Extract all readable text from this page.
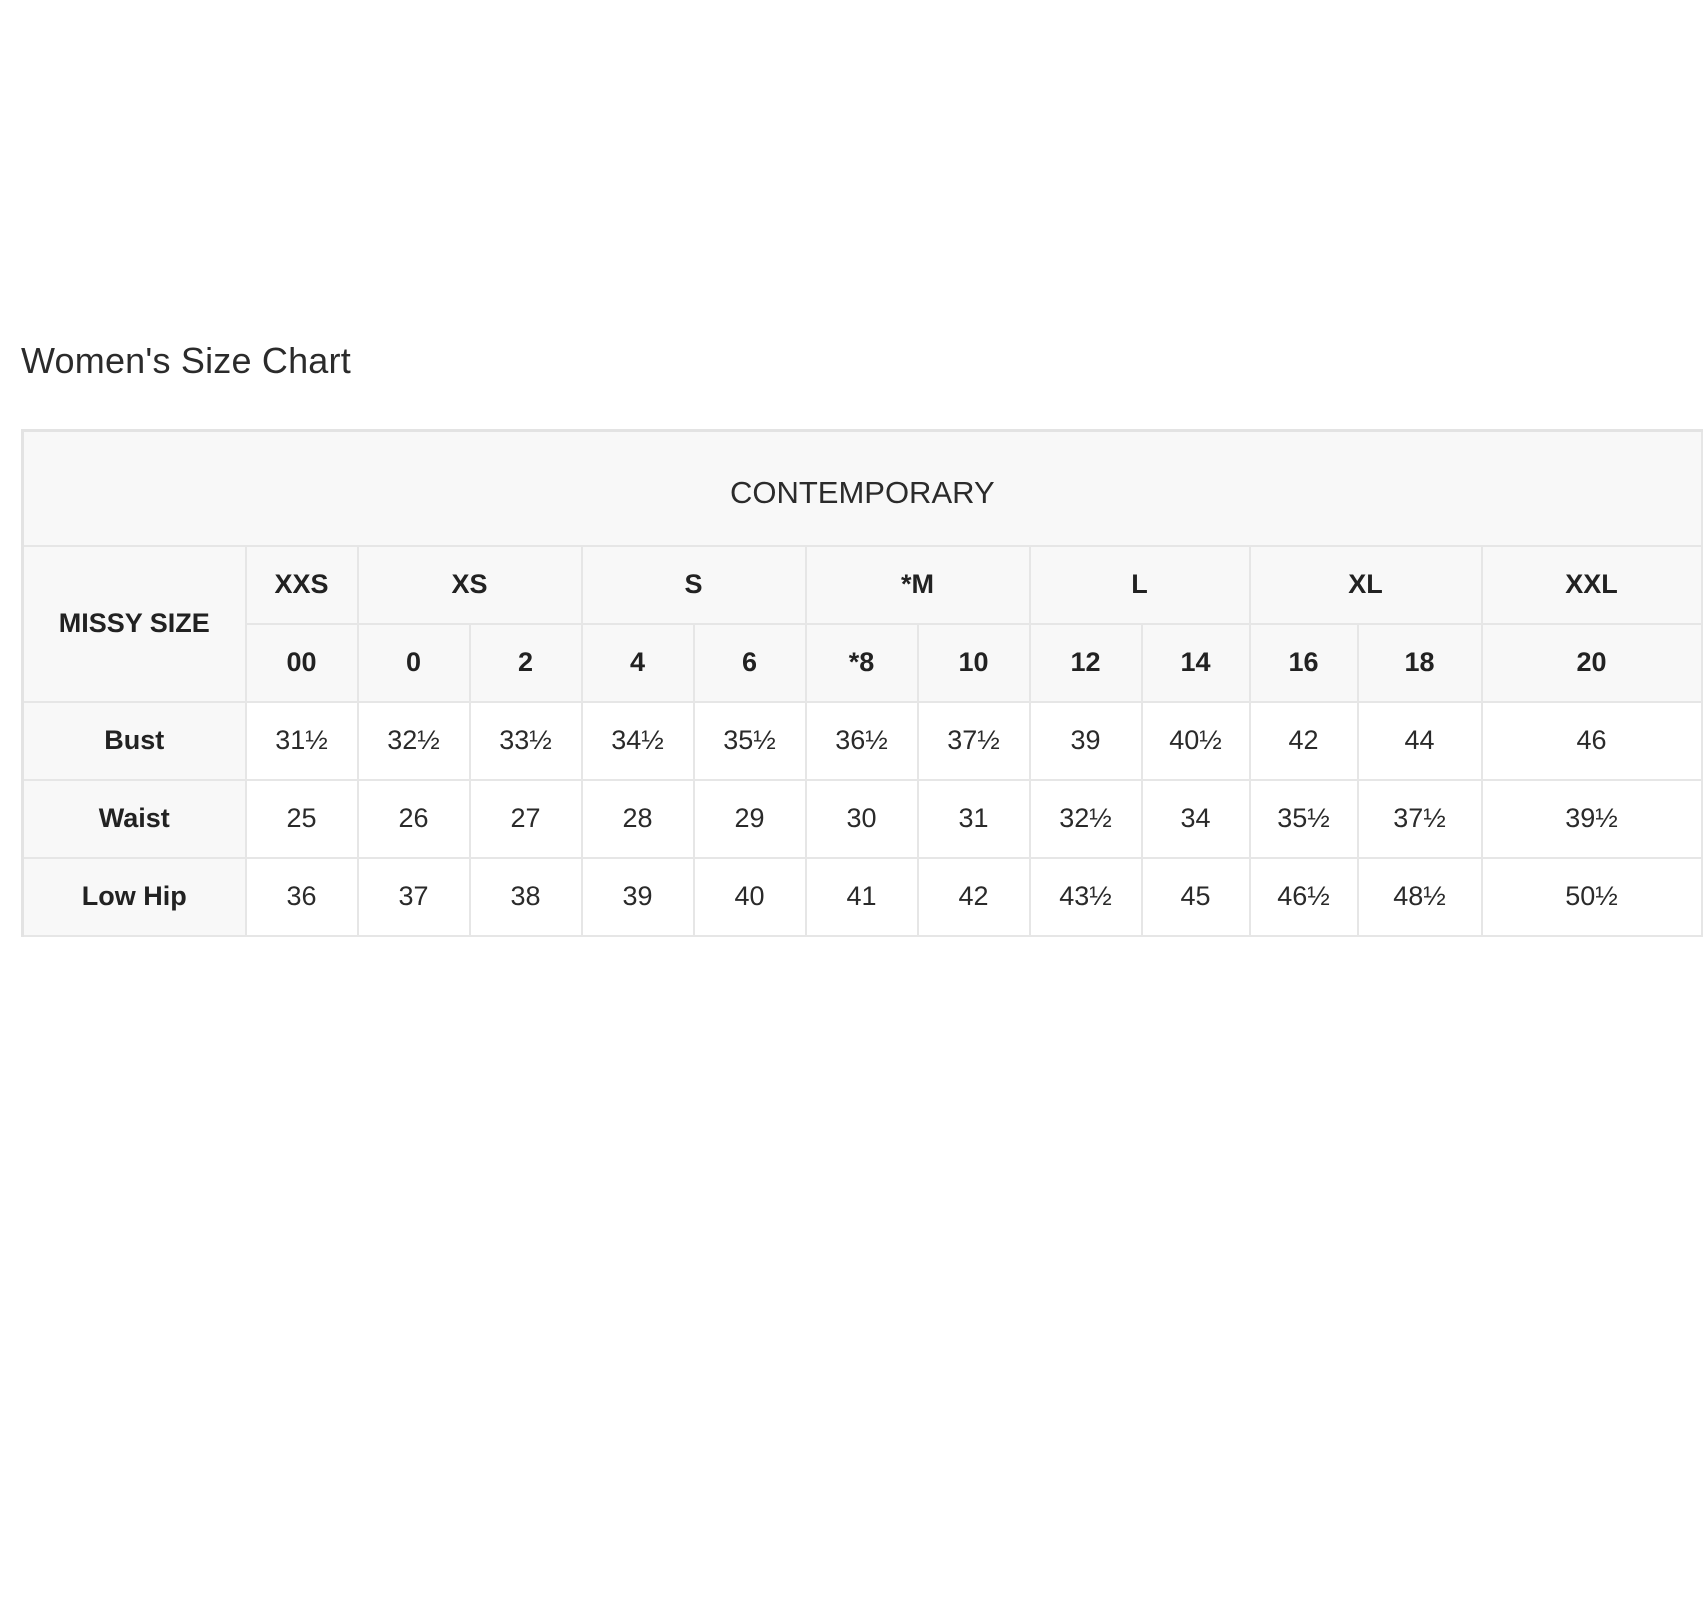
Women's Size Chart
CONTEMPORARY												
MISSY SIZE	XXS	XS		S		*M		L		XL		XXL
	00	0	2	4	6	*8	10	12	14	16	18	20
Bust	31½	32½	33½	34½	35½	36½	37½	39	40½	42	44	46
Waist	25	26	27	28	29	30	31	32½	34	35½	37½	39½
Low Hip	36	37	38	39	40	41	42	43½	45	46½	48½	50½
